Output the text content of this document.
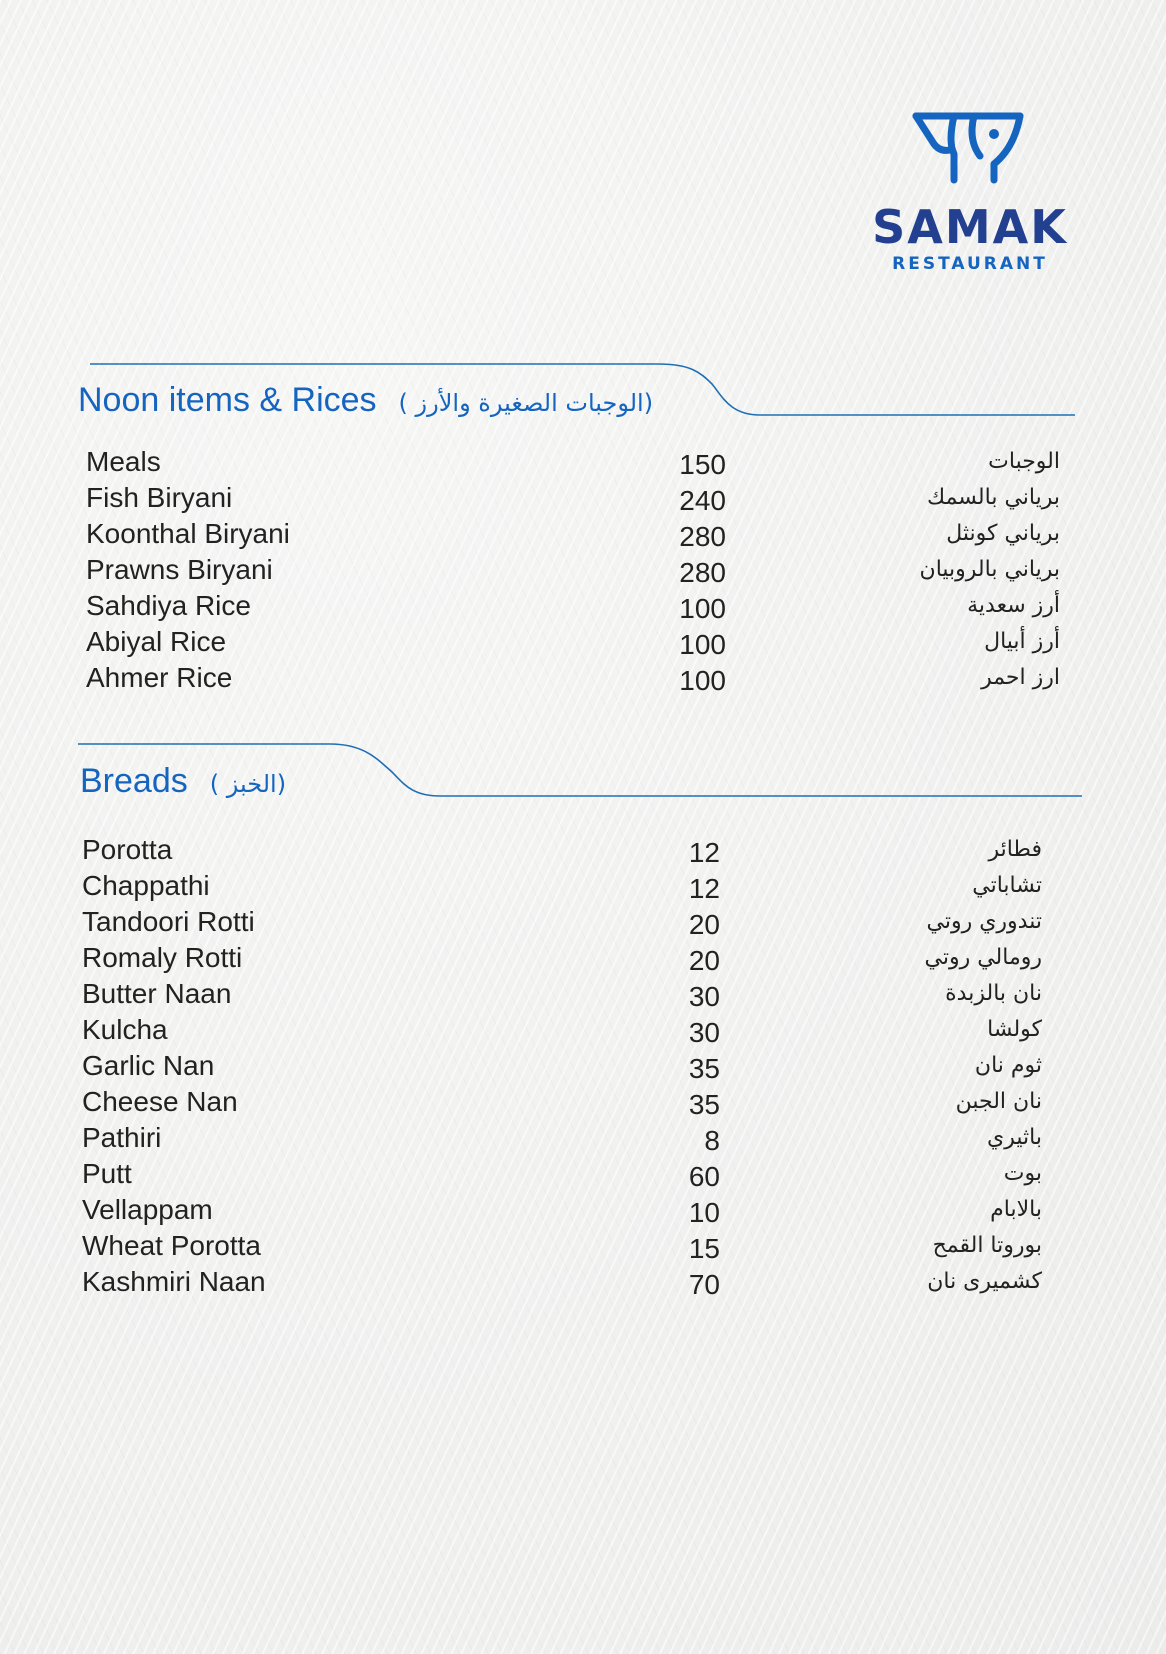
SAMAK
RESTAURANT
Noon items & Rices ( الوجبات الصغيرة والأرز)
Meals	150	الوجبات
Fish Biryani	240	برياني بالسمك
Koonthal Biryani	280	برياني كونثل
Prawns Biryani	280	برياني بالروبيان
Sahdiya Rice	100	أرز سعدية
Abiyal Rice	100	أرز أبيال
Ahmer Rice	100	ارز احمر
Breads ( الخبز)
Porotta	12	فطائر
Chappathi	12	تشاباتي
Tandoori Rotti	20	تندوري روتي
Romaly Rotti	20	رومالي روتي
Butter Naan	30	نان بالزبدة
Kulcha	30	كولشا
Garlic Nan	35	ثوم نان
Cheese Nan	35	نان الجبن
Pathiri	8	باثيري
Putt	60	بوت
Vellappam	10	بالابام
Wheat Porotta	15	بوروتا القمح
Kashmiri Naan	70	كشميرى نان
